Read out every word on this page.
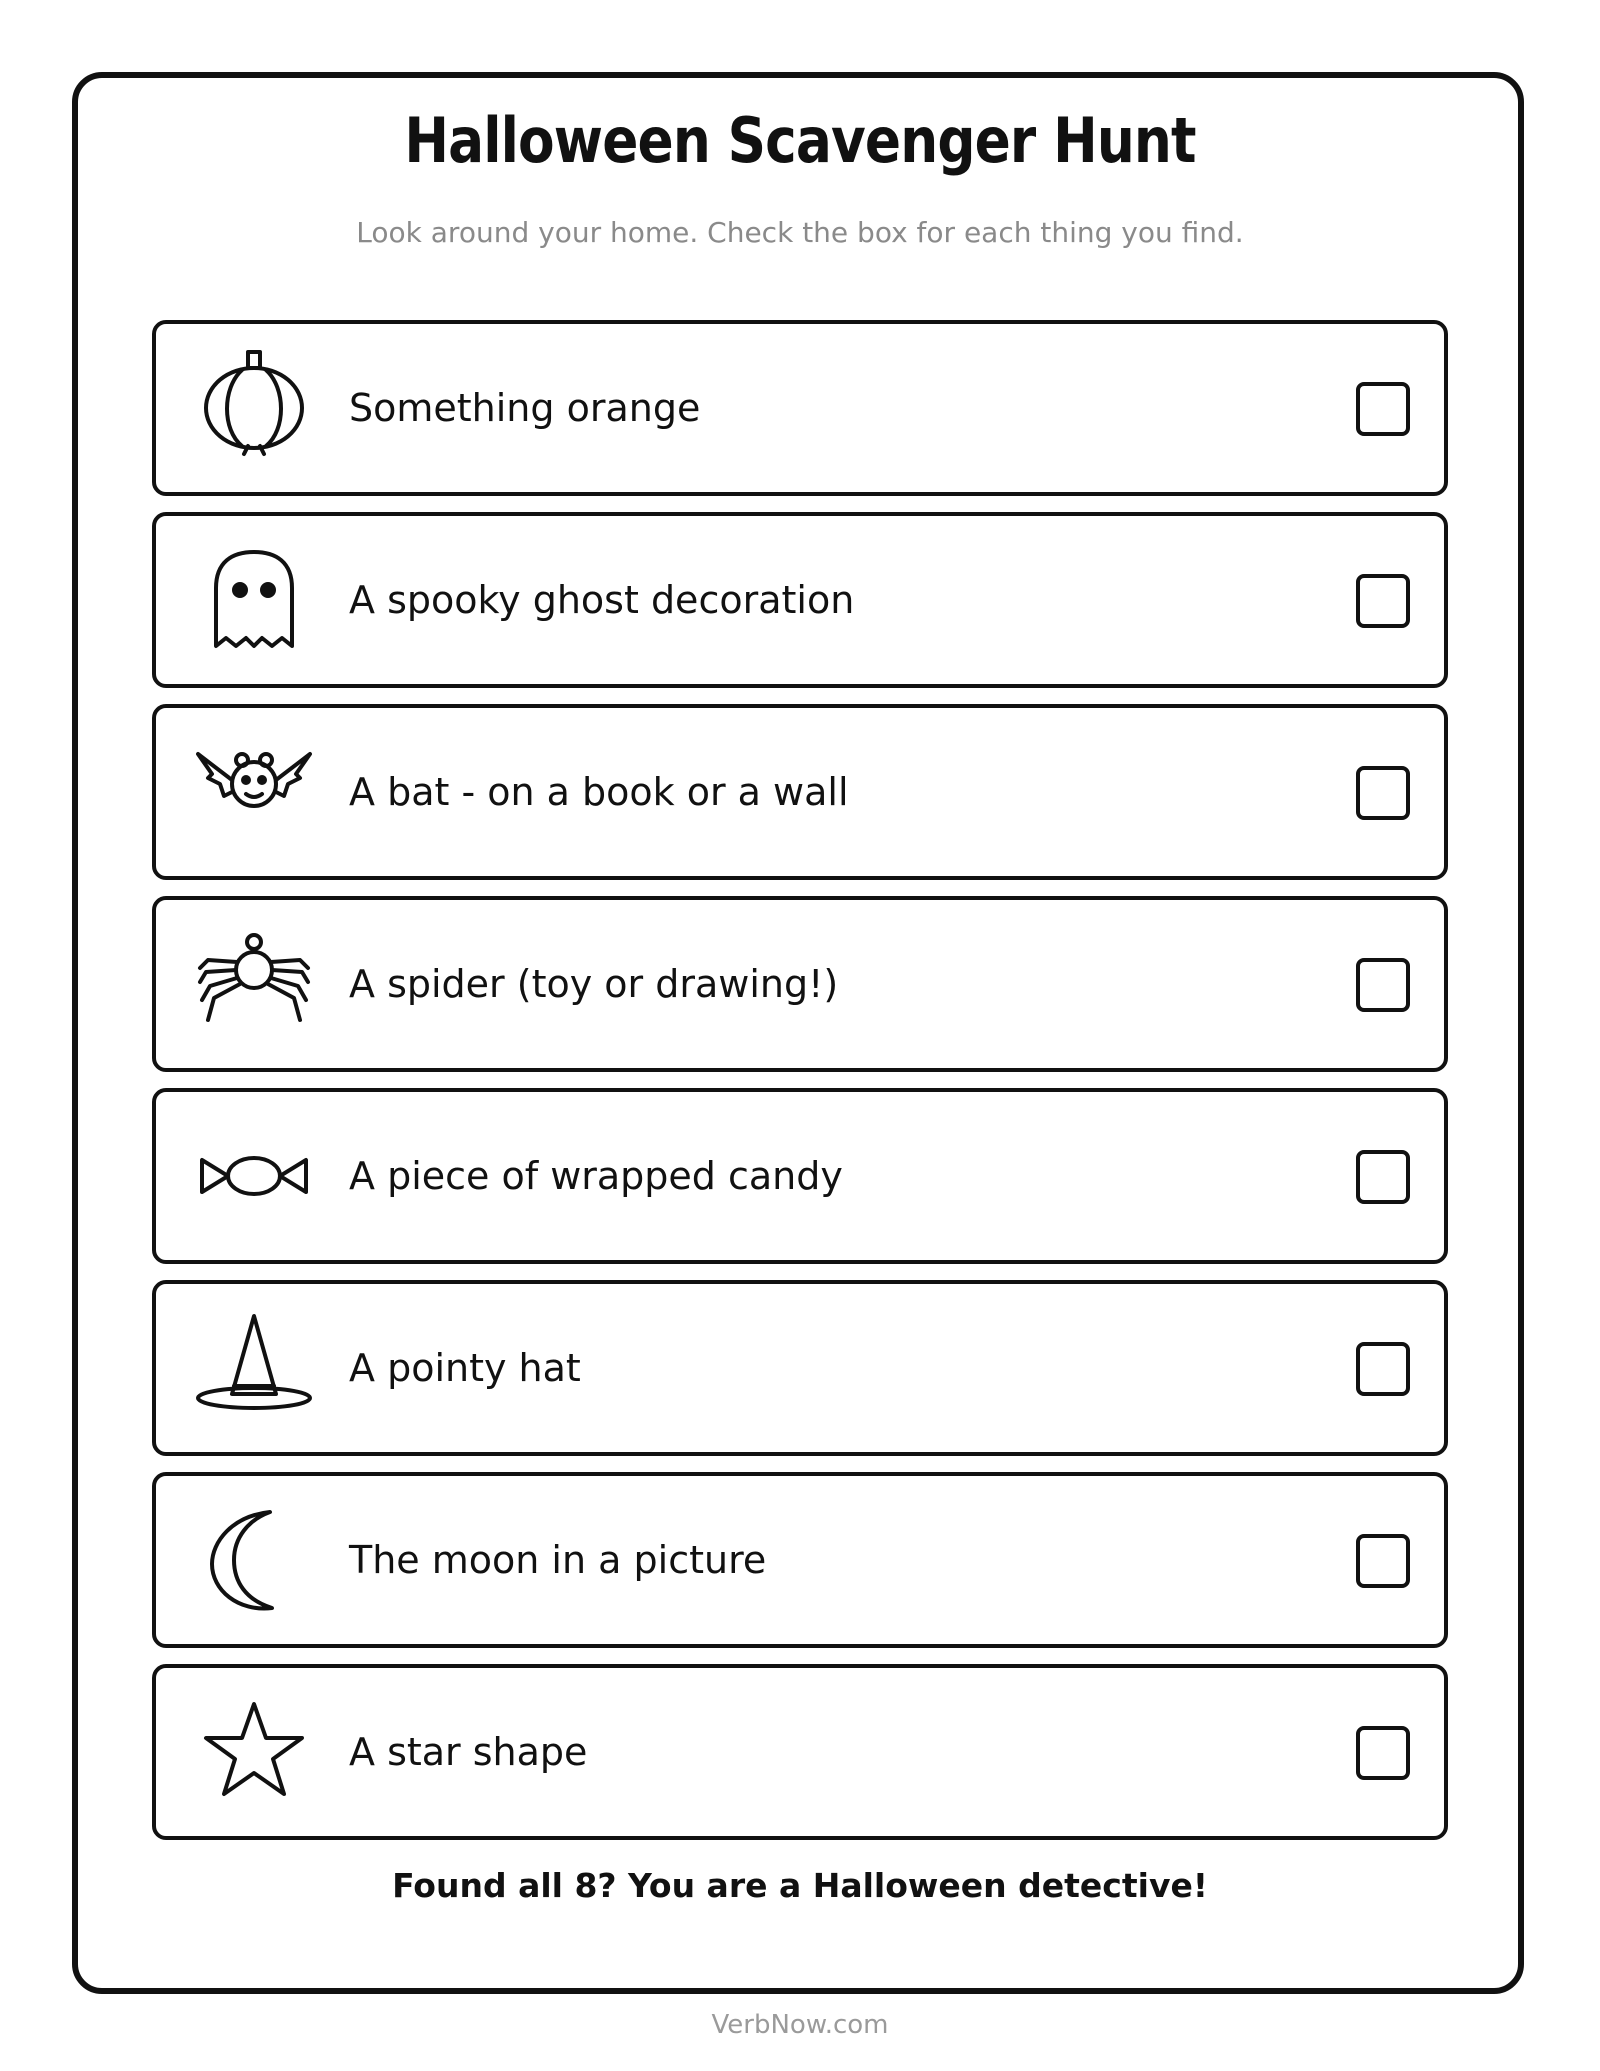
Halloween Scavenger Hunt
Look around your home. Check the box for each thing you find.
Something orange
A spooky ghost decoration
A bat - on a book or a wall
A spider (toy or drawing!)
A piece of wrapped candy
A pointy hat
The moon in a picture
A star shape
Found all 8? You are a Halloween detective!
VerbNow.com
